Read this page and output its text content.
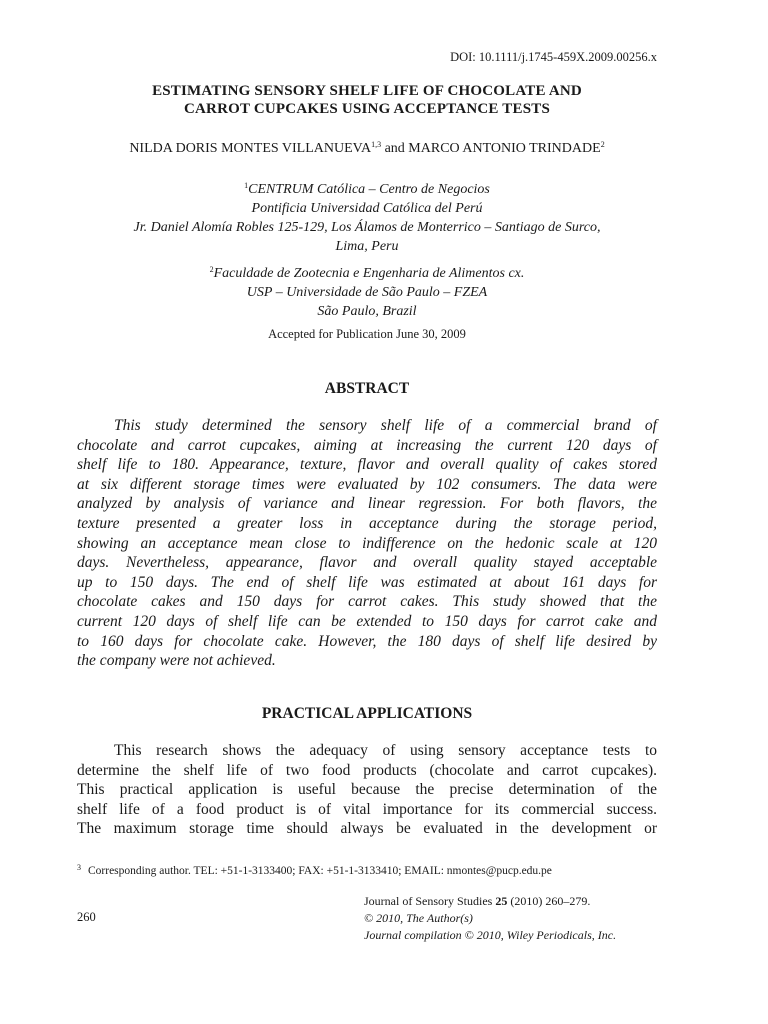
DOI: 10.1111/j.1745-459X.2009.00256.x
ESTIMATING SENSORY SHELF LIFE OF CHOCOLATE AND
CARROT CUPCAKES USING ACCEPTANCE TESTS
NILDA DORIS MONTES VILLANUEVA$^{1,3}$ and MARCO ANTONIO TRINDADE$^2$
$^1$CENTRUM Católica – Centro de Negocios
Pontificia Universidad Católica del Perú
Jr. Daniel Alomía Robles 125-129, Los Álamos de Monterrico – Santiago de Surco,
Lima, Peru
$^2$Faculdade de Zootecnia e Engenharia de Alimentos cx.
USP – Universidade de São Paulo – FZEA
São Paulo, Brazil
Accepted for Publication June 30, 2009
ABSTRACT
This study determined the sensory shelf life of a commercial brand of
chocolate and carrot cupcakes, aiming at increasing the current 120 days of
shelf life to 180. Appearance, texture, flavor and overall quality of cakes stored
at six different storage times were evaluated by 102 consumers. The data were
analyzed by analysis of variance and linear regression. For both flavors, the
texture presented a greater loss in acceptance during the storage period,
showing an acceptance mean close to indifference on the hedonic scale at 120
days. Nevertheless, appearance, flavor and overall quality stayed acceptable
up to 150 days. The end of shelf life was estimated at about 161 days for
chocolate cakes and 150 days for carrot cakes. This study showed that the
current 120 days of shelf life can be extended to 150 days for carrot cake and
to 160 days for chocolate cake. However, the 180 days of shelf life desired by
the company were not achieved.
PRACTICAL APPLICATIONS
This research shows the adequacy of using sensory acceptance tests to
determine the shelf life of two food products (chocolate and carrot cupcakes).
This practical application is useful because the precise determination of the
shelf life of a food product is of vital importance for its commercial success.
The maximum storage time should always be evaluated in the development or
$^3$ Corresponding author. TEL: +51-1-3133400; FAX: +51-1-3133410; EMAIL: nmontes@pucp.edu.pe
260
Journal of Sensory Studies 25 (2010) 260–279.
© 2010, The Author(s)
Journal compilation © 2010, Wiley Periodicals, Inc.
